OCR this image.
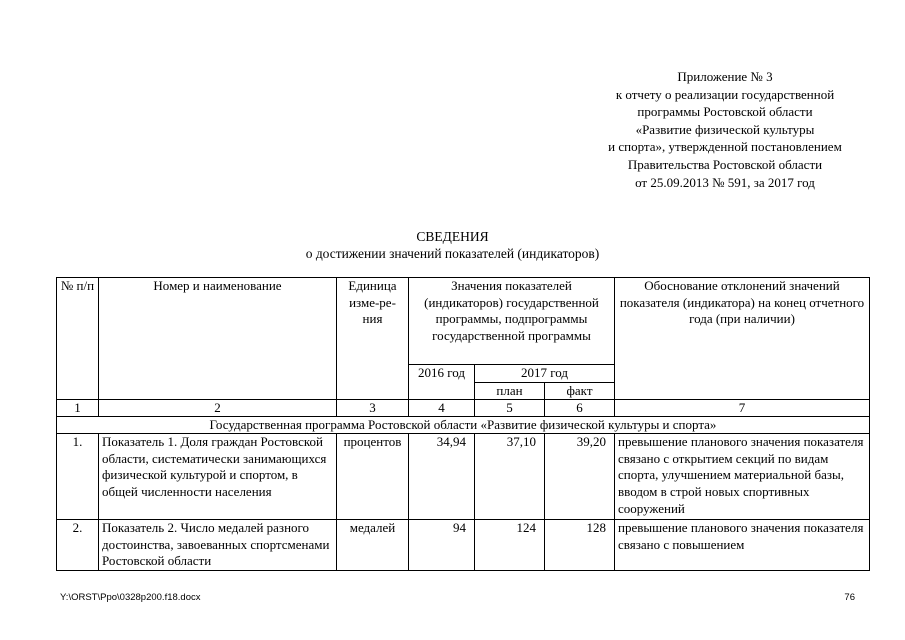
Приложение № 3
к отчету о реализации государственной
программы Ростовской области
«Развитие физической культуры
и спорта», утвержденной постановлением
Правительства Ростовской области
от 25.09.2013 № 591, за 2017 год
СВЕДЕНИЯ
о достижении значений показателей (индикаторов)
№ п/п	Номер и наименование	Единица изме-ре-ния	Значения показателей (индикаторов) государственной программы, подпрограммы государственной программы			Обоснование отклонений значений показателя (индикатора) на конец отчетного года (при наличии)
			2016 год	2017 год		
				план	факт	
1	2	3	4	5	6	7
Государственная программа Ростовской области «Развитие физической культуры и спорта»						
1.	Показатель 1. Доля граждан Ростовской области, систематически занимающихся физической культурой и спортом, в общей численности населения	процентов	34,94	37,10	39,20	превышение планового значения показателя связано с открытием секций по видам спорта, улучшением материальной базы, вводом в строй новых спортивных сооружений
2.	Показатель 2. Число медалей разного достоинства, завоеванных спортсменами Ростовской области	медалей	94	124	128	превышение планового значения показателя связано с повышением
Y:\ORST\Ppo\0328p200.f18.docx	76
